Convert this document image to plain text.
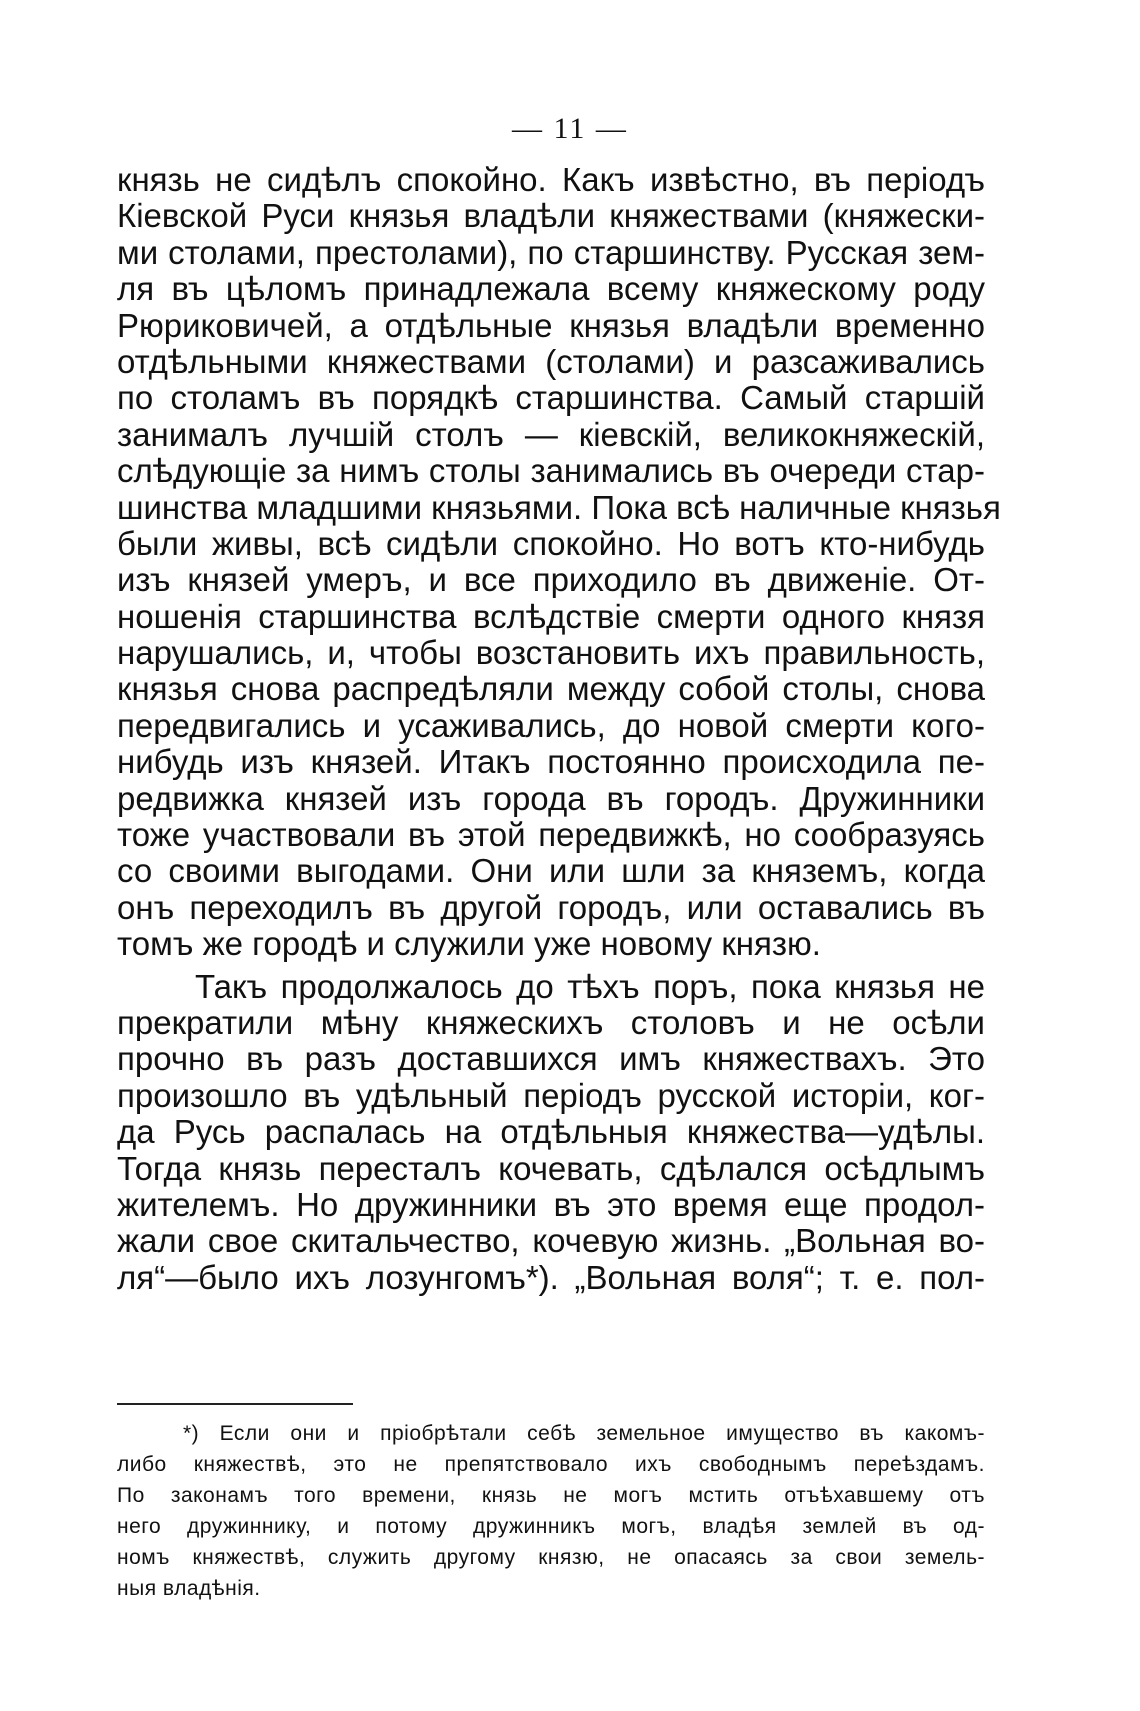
— 11 —
князь не сидѣлъ спокойно. Какъ извѣстно, въ періодъ
Кіевской Руси князья владѣли княжествами (княжески-
ми столами, престолами), по старшинству. Русская зем-
ля въ цѣломъ принадлежала всему княжескому роду
Рюриковичей, а отдѣльные князья владѣли временно
отдѣльными княжествами (столами) и разсаживались
по столамъ въ порядкѣ старшинства. Самый старшій
занималъ лучшій столъ — кіевскій, великокняжескій,
слѣдующіе за нимъ столы занимались въ очереди стар-
шинства младшими князьями. Пока всѣ наличные князья
были живы, всѣ сидѣли спокойно. Но вотъ кто-нибудь
изъ князей умеръ, и все приходило въ движеніе. От-
ношенія старшинства вслѣдствіе смерти одного князя
нарушались, и, чтобы возстановить ихъ правильность,
князья снова распредѣляли между собой столы, снова
передвигались и усаживались, до новой смерти кого-
нибудь изъ князей. Итакъ постоянно происходила пе-
редвижка князей изъ города въ городъ. Дружинники
тоже участвовали въ этой передвижкѣ, но сообразуясь
со своими выгодами. Они или шли за княземъ, когда
онъ переходилъ въ другой городъ, или оставались въ
томъ же городѣ и служили уже новому князю.
Такъ продолжалось до тѣхъ поръ, пока князья не
прекратили мѣну княжескихъ столовъ и не осѣли
прочно въ разъ доставшихся имъ княжествахъ. Это
произошло въ удѣльный періодъ русской исторіи, ког-
да Русь распалась на отдѣльныя княжества—удѣлы.
Тогда князь пересталъ кочевать, сдѣлался осѣдлымъ
жителемъ. Но дружинники въ это время еще продол-
жали свое скитальчество, кочевую жизнь. „Вольная во-
ля“—было ихъ лозунгомъ*). „Вольная воля“; т. е. пол-
*) Если они и пріобрѣтали себѣ земельное имущество въ какомъ-
либо княжествѣ, это не препятствовало ихъ свободнымъ переѣздамъ.
По законамъ того времени, князь не могъ мстить отъѣхавшему отъ
него дружиннику, и потому дружинникъ могъ, владѣя землей въ од-
номъ княжествѣ, служить другому князю, не опасаясь за свои земель-
ныя владѣнія.
